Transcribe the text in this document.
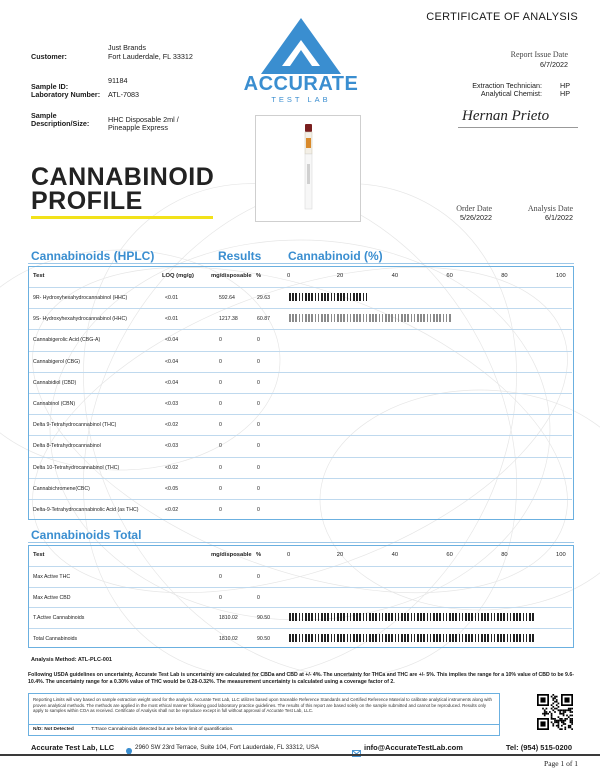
CERTIFICATE OF ANALYSIS
Customer:
Just Brands
Fort Lauderdale, FL 33312
Sample ID:
91184
Laboratory Number: ATL-7083
Sample Description/Size:	HHC Disposable 2ml /
Pineapple Express
ACCURATE
TEST LAB
Report Issue Date
6/7/2022
Extraction Technician:	HP
Analytical Chemist:	HP
Hernan Prieto
CANNABINOID
PROFILE	Order Date
5/26/2022
Analysis Date
6/1/2022
Cannabinoids (HPLC)	Results Cannabinoid (%)
Test	LOQ (mg/g)	mg/disposable %	0	20	40	60	80	100
9R- Hydroxyhexahydrocannabinol (HHC)	<0.01	592.64	29.63
9S- Hydroxyhexahydrocannabinol (HHC)	<0.01	1217.38	60.87
Cannabigerolic Acid (CBG-A)	<0.04	0	0
Cannabigerol (CBG)	<0.04	0	0
Cannabidiol (CBD)	<0.04	0	0
Cannabinol (CBN)	<0.03	0	0
Delta 9-Tetrahydrocannabinol (THC)	<0.02	0	0
Delta 8-Tetrahydrocannabinol	<0.03	0	0
Delta 10-Tetrahydrocannabinol (THC)	<0.02	0	0
Cannabichromene(CBC)	<0.05	0	0
Delta-9-Tetrahydrocannabinolic Acid (as THC)	<0.02	0	0
Cannabinoids Total
Test	mg/disposable %	0	20	40	60	80	100
Max Active THC	0	0
Max Active CBD	0	0
T.Active Cannabinoids	1810.02	90.50
Total Cannabinoids	1810.02	90.50
Analysis Method: ATL-PLC-001
Following USDA guidelines on uncertainty, Accurate Test Lab is uncertainty are calculated for CBDa and CBD at +/- 4%. The uncertainty for THCa and THC are +/- 5%. This implies the range for a 10% value of CBD to be 9.6-10.4%. The uncertainty range for a 0.30% value of THC would be 0.28-0.32%. The measurement uncertainty is calculated using a coverage factor of 2.
Reporting Limits will vary based on sample extraction weight used for the analysis. Accurate Test Lab, LLC utilizes based upon traceable Reference Standards and Certified Reference Material to calibrate analytical instruments along with proven analytical methods. The methods are applied in the most ethical manner following good laboratory practice guidelines. The results of this report are based solely on the sample submitted and cannot be reproduced. Results only apply to samples within COA as received. Certificate of Analysis shall not be reproduce except in full without approval of Accurate Test Lab, LLC.
N/D: Not Detected	T:Trace Cannabinoids detected but are below limit of quantification.
Accurate Test Lab, LLC	2960 SW 23rd Terrace, Suite 104, Fort Lauderdale, FL 33312, USA	info@AccurateTestLab.com	Tel: (954) 515-0200
Page 1 of 1
